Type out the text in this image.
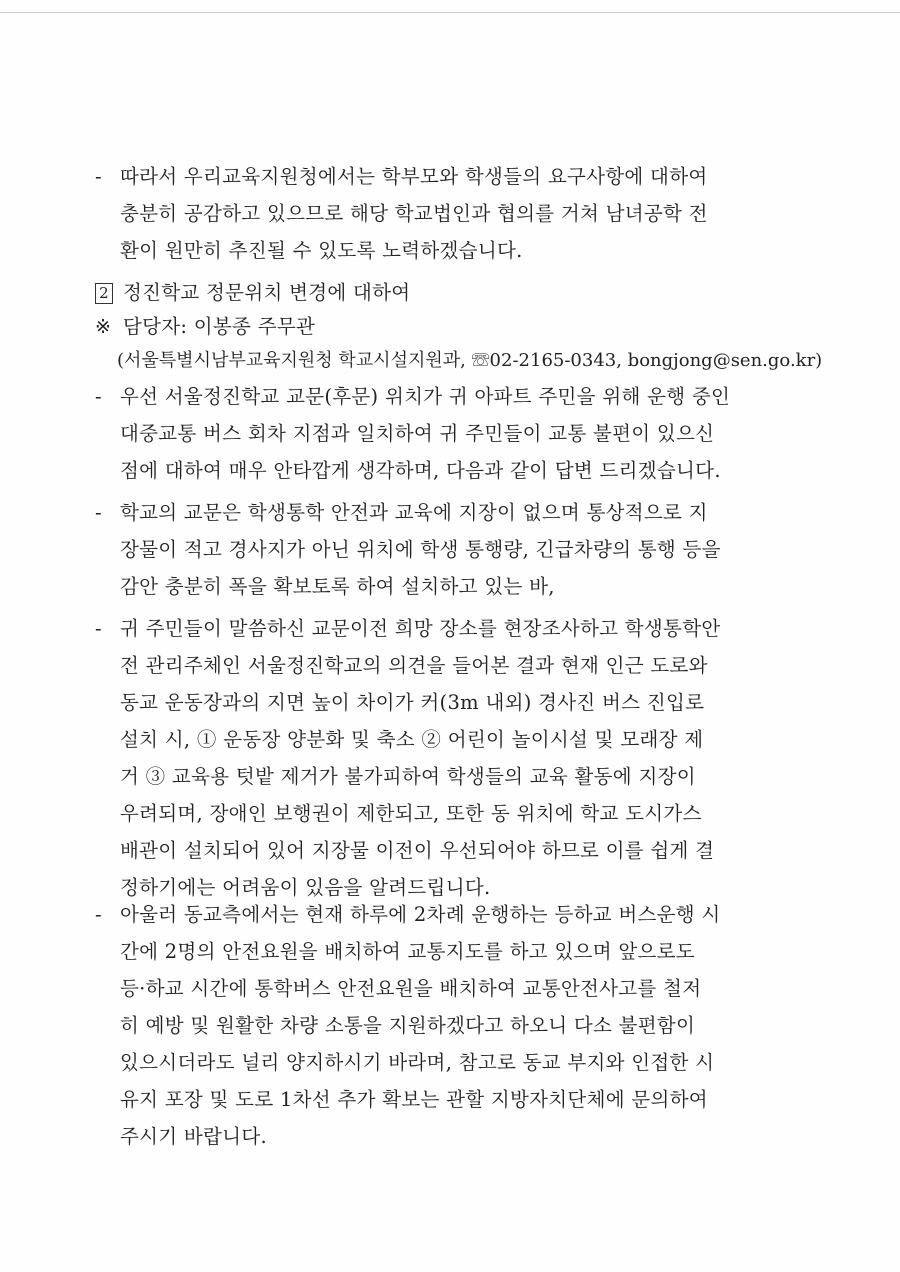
- 따라서 우리교육지원청에서는 학부모와 학생들의 요구사항에 대하여
충분히 공감하고 있으므로 해당 학교법인과 협의를 거쳐 남녀공학 전
환이 원만히 추진될 수 있도록 노력하겠습니다.
2 정진학교 정문위치 변경에 대하여
※ 담당자: 이봉종 주무관
(서울특별시남부교육지원청 학교시설지원과, ☏02-2165-0343, bongjong@sen.go.kr)
- 우선 서울정진학교 교문(후문) 위치가 귀 아파트 주민을 위해 운행 중인
대중교통 버스 회차 지점과 일치하여 귀 주민들이 교통 불편이 있으신
점에 대하여 매우 안타깝게 생각하며, 다음과 같이 답변 드리겠습니다.
- 학교의 교문은 학생통학 안전과 교육에 지장이 없으며 통상적으로 지
장물이 적고 경사지가 아닌 위치에 학생 통행량, 긴급차량의 통행 등을
감안 충분히 폭을 확보토록 하여 설치하고 있는 바,
- 귀 주민들이 말씀하신 교문이전 희망 장소를 현장조사하고 학생통학안
전 관리주체인 서울정진학교의 의견을 들어본 결과 현재 인근 도로와
동교 운동장과의 지면 높이 차이가 커(3m 내외) 경사진 버스 진입로
설치 시, ① 운동장 양분화 및 축소 ② 어린이 놀이시설 및 모래장 제
거 ③ 교육용 텃밭 제거가 불가피하여 학생들의 교육 활동에 지장이
우려되며, 장애인 보행권이 제한되고, 또한 동 위치에 학교 도시가스
배관이 설치되어 있어 지장물 이전이 우선되어야 하므로 이를 쉽게 결
정하기에는 어려움이 있음을 알려드립니다.
- 아울러 동교측에서는 현재 하루에 2차례 운행하는 등하교 버스운행 시
간에 2명의 안전요원을 배치하여 교통지도를 하고 있으며 앞으로도
등·하교 시간에 통학버스 안전요원을 배치하여 교통안전사고를 철저
히 예방 및 원활한 차량 소통을 지원하겠다고 하오니 다소 불편함이
있으시더라도 널리 양지하시기 바라며, 참고로 동교 부지와 인접한 시
유지 포장 및 도로 1차선 추가 확보는 관할 지방자치단체에 문의하여
주시기 바랍니다.
